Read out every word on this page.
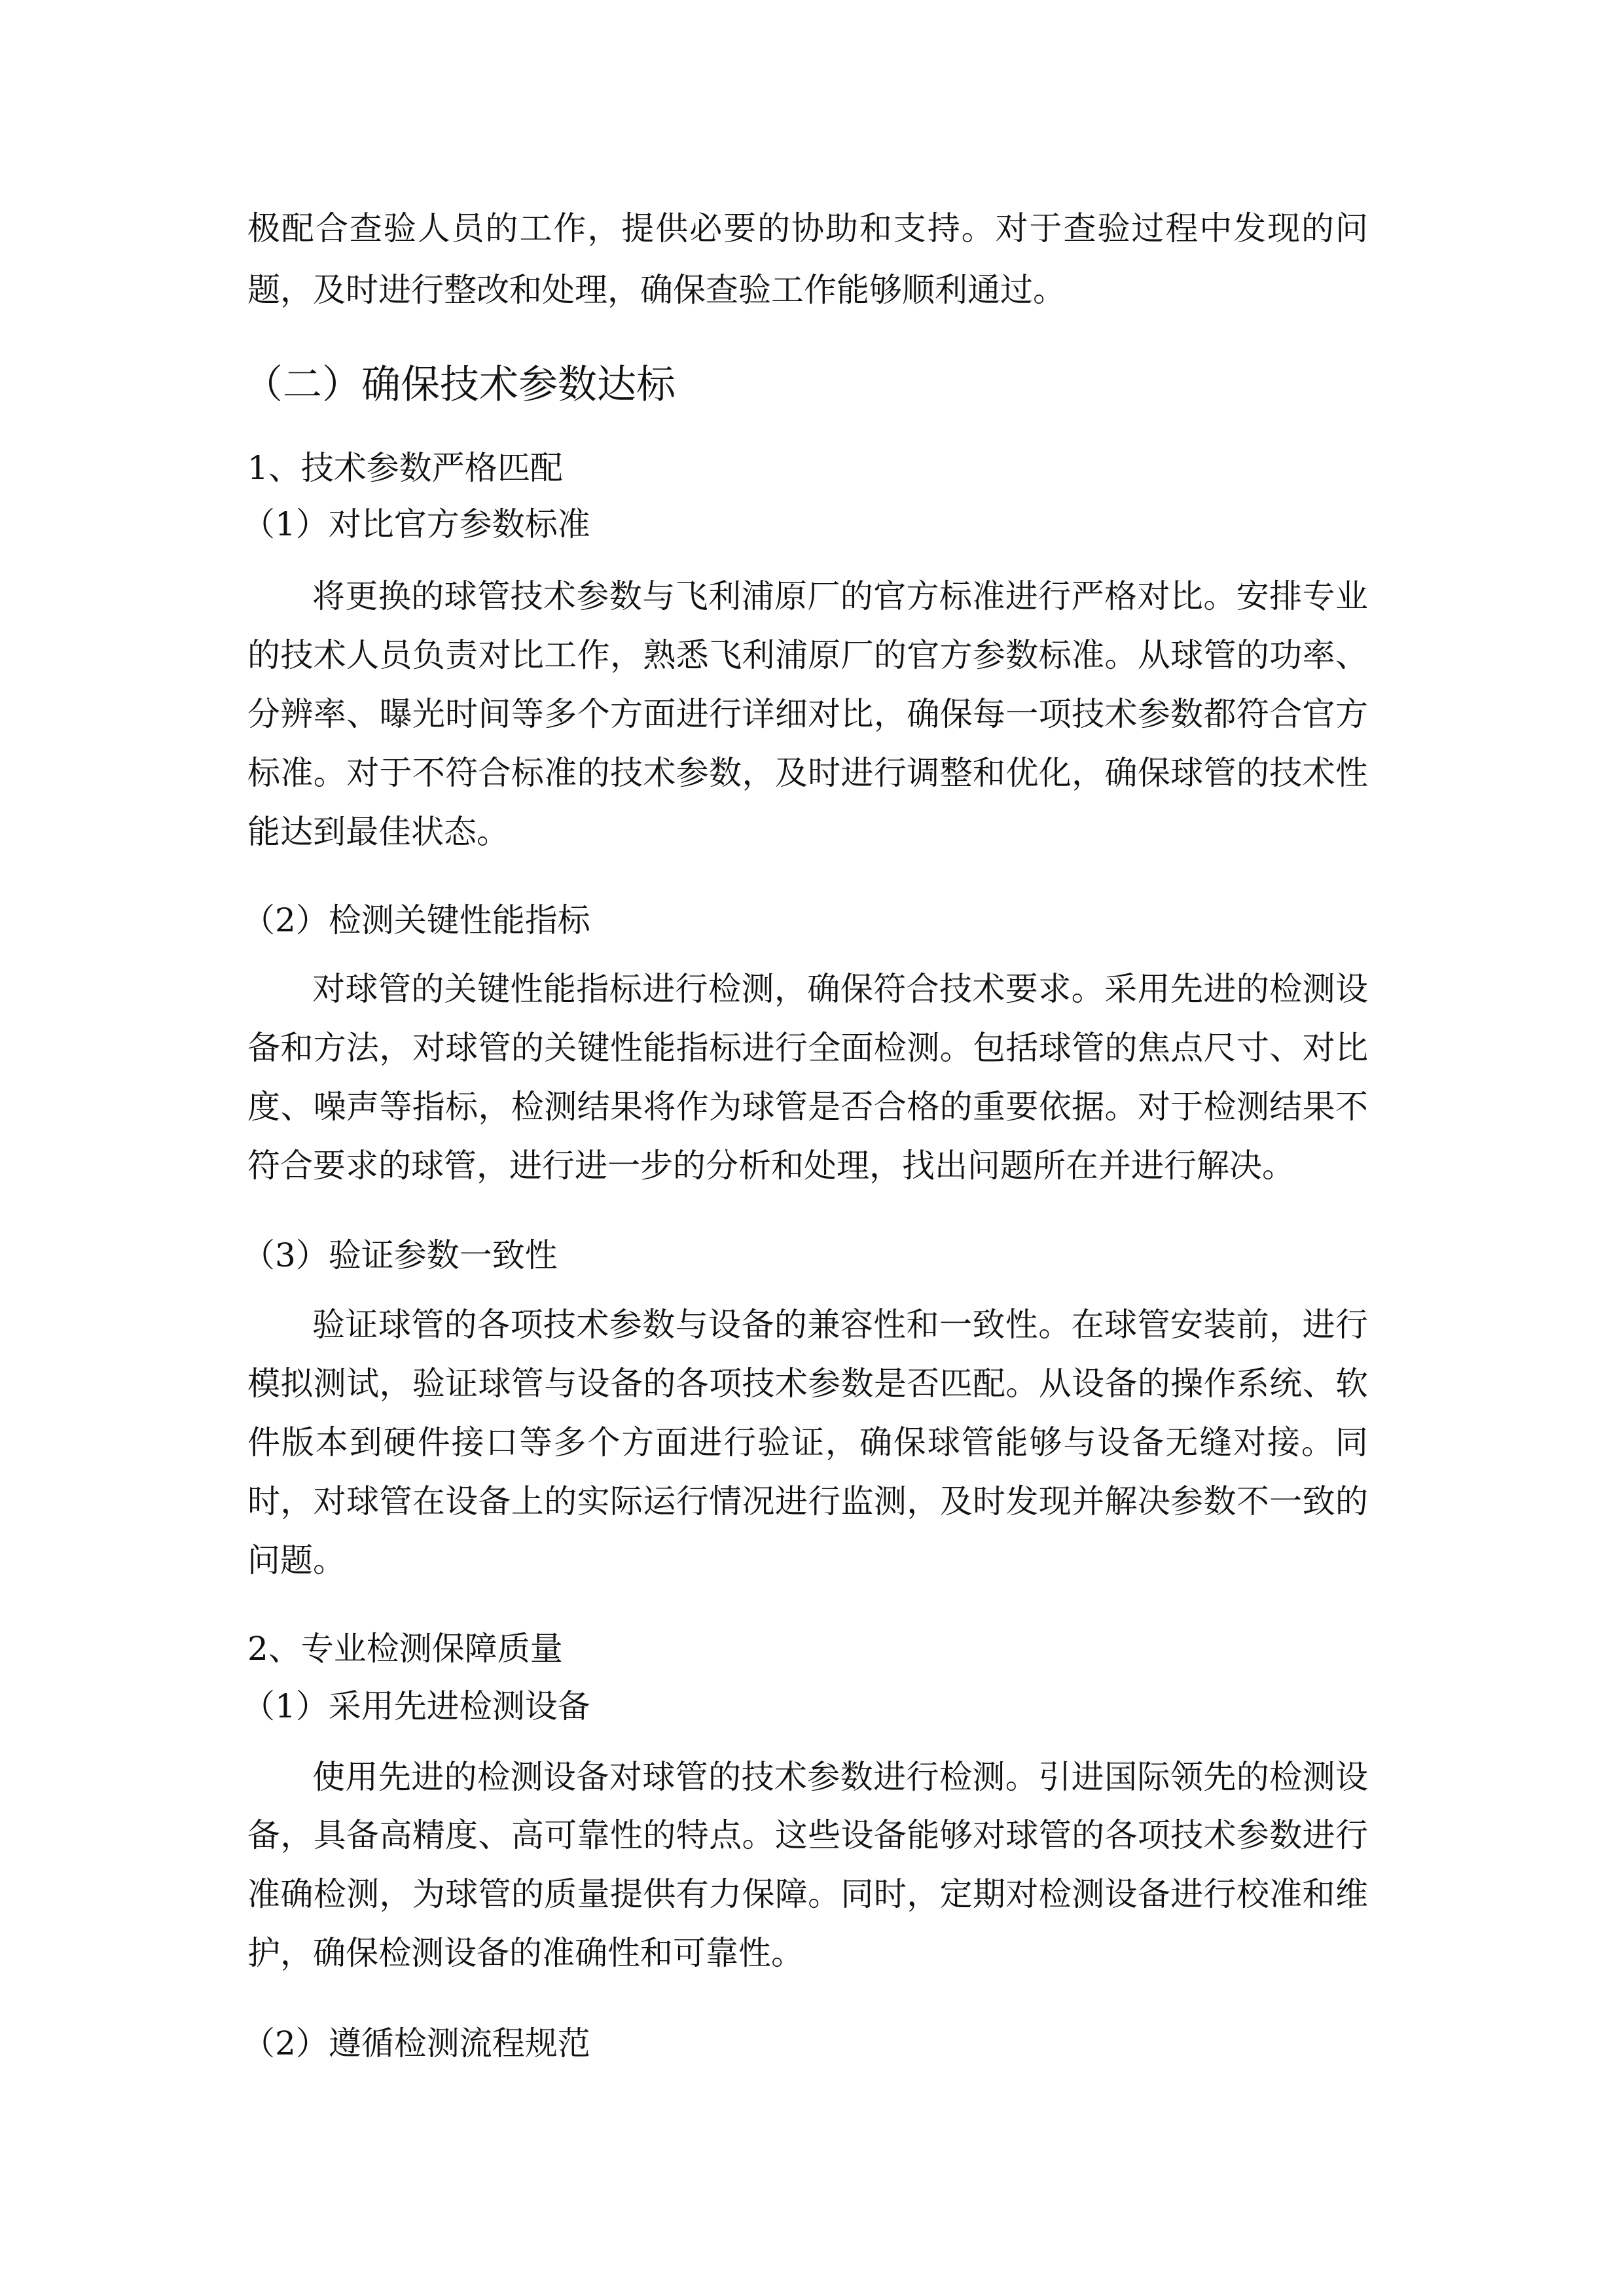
极配合查验人员的工作，提供必要的协助和支持。对于查验过程中发现的问
题，及时进行整改和处理，确保查验工作能够顺利通过。
（二）确保技术参数达标
1、技术参数严格匹配
（1）对比官方参数标准
将更换的球管技术参数与飞利浦原厂的官方标准进行严格对比。安排专业
的技术人员负责对比工作，熟悉飞利浦原厂的官方参数标准。从球管的功率、
分辨率、曝光时间等多个方面进行详细对比，确保每一项技术参数都符合官方
标准。对于不符合标准的技术参数，及时进行调整和优化，确保球管的技术性
能达到最佳状态。
（2）检测关键性能指标
对球管的关键性能指标进行检测，确保符合技术要求。采用先进的检测设
备和方法，对球管的关键性能指标进行全面检测。包括球管的焦点尺寸、对比
度、噪声等指标，检测结果将作为球管是否合格的重要依据。对于检测结果不
符合要求的球管，进行进一步的分析和处理，找出问题所在并进行解决。
（3）验证参数一致性
验证球管的各项技术参数与设备的兼容性和一致性。在球管安装前，进行
模拟测试，验证球管与设备的各项技术参数是否匹配。从设备的操作系统、软
件版本到硬件接口等多个方面进行验证，确保球管能够与设备无缝对接。同
时，对球管在设备上的实际运行情况进行监测，及时发现并解决参数不一致的
问题。
2、专业检测保障质量
（1）采用先进检测设备
使用先进的检测设备对球管的技术参数进行检测。引进国际领先的检测设
备，具备高精度、高可靠性的特点。这些设备能够对球管的各项技术参数进行
准确检测，为球管的质量提供有力保障。同时，定期对检测设备进行校准和维
护，确保检测设备的准确性和可靠性。
（2）遵循检测流程规范
